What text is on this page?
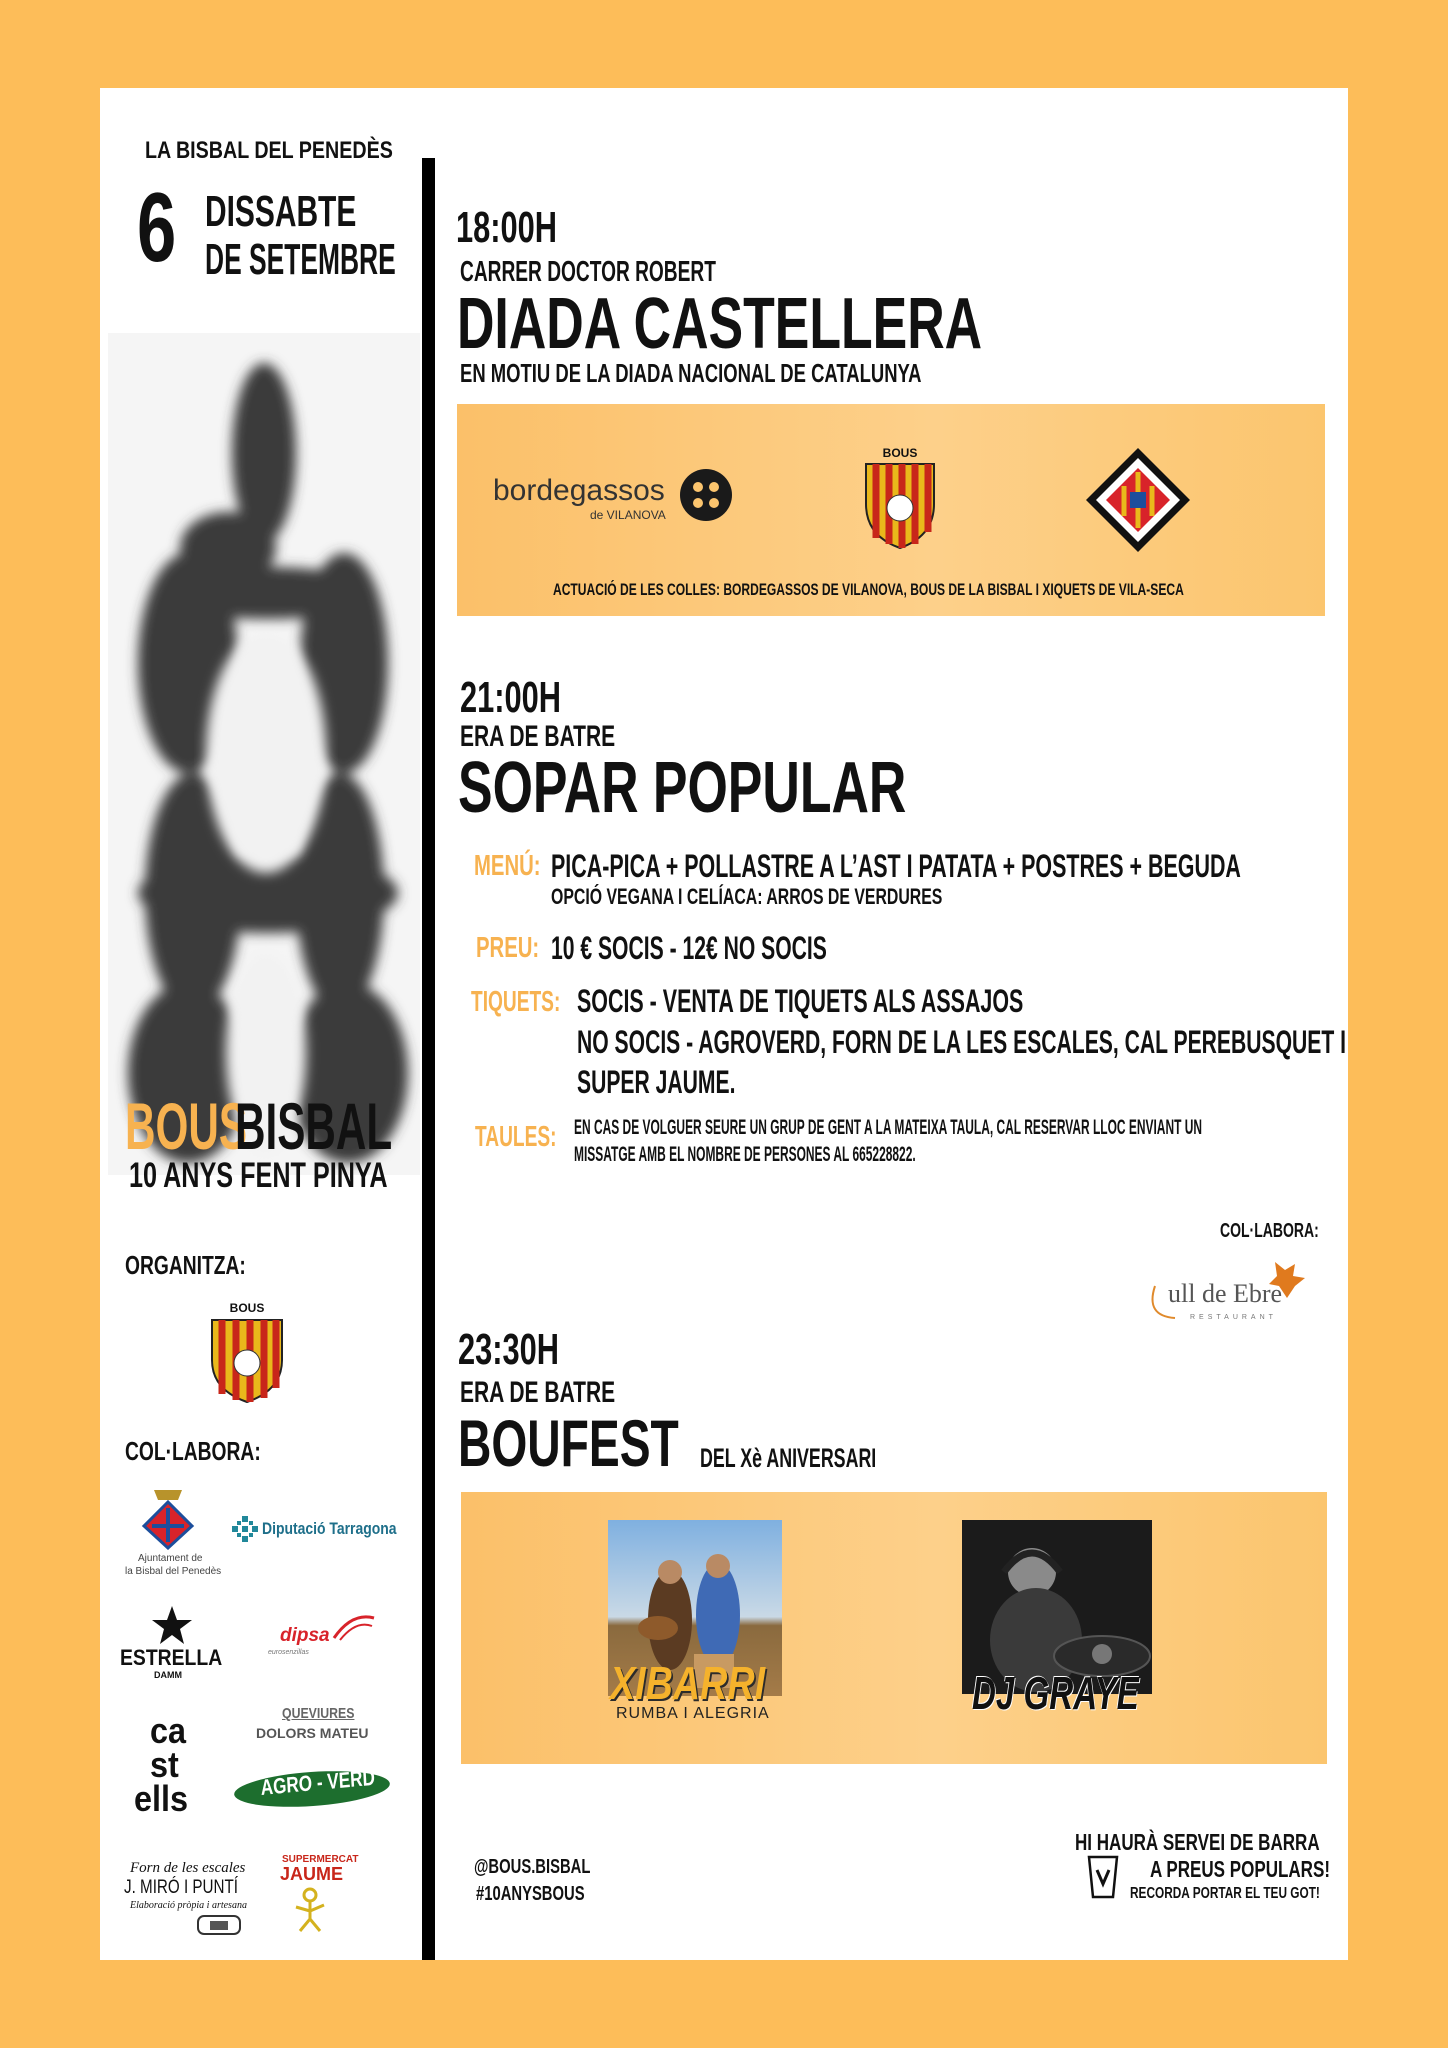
LA BISBAL DEL PENEDÈS
6 DISSABTE
DE SETEMBRE
BOUS
BISBAL
10 ANYS FENT PINYA
ORGANITZA:
BOUS
COL·LABORA:
Ajuntament de
la Bisbal del Penedès
Diputació Tarragona
ESTRELLA
DAMM
dipsa
eurosenzillas
ca
st
ells
QUEVIURES
DOLORS MATEU
AGRO - VERD
Forn de les escales
J. MIRÓ I PUNTÍ
Elaboració pròpia i artesana
SUPERMERCAT
JAUME
18:00H
CARRER DOCTOR ROBERT
DIADA CASTELLERA
EN MOTIU DE LA DIADA NACIONAL DE CATALUNYA
bordegassos
de VILANOVA
BOUS
ACTUACIÓ DE LES COLLES: BORDEGASSOS DE VILANOVA, BOUS DE LA BISBAL I XIQUETS DE VILA-SECA
21:00H
ERA DE BATRE
SOPAR POPULAR
MENÚ: PICA-PICA + POLLASTRE A L’AST I PATATA + POSTRES + BEGUDA
OPCIÓ VEGANA I CELÍACA: ARROS DE VERDURES
PREU: 10 € SOCIS - 12€ NO SOCIS
TIQUETS: SOCIS - VENTA DE TIQUETS ALS ASSAJOS
NO SOCIS - AGROVERD, FORN DE LA LES ESCALES, CAL PEREBUSQUET I
SUPER JAUME.
TAULES: EN CAS DE VOLGUER SEURE UN GRUP DE GENT A LA MATEIXA TAULA, CAL RESERVAR LLOC ENVIANT UN
MISSATGE AMB EL NOMBRE DE PERSONES AL 665228822.
COL·LABORA:
ull de Ebre
RESTAURANT
23:30H
ERA DE BATRE
BOUFEST DEL Xè ANIVERSARI
XIBARRI
RUMBA I ALEGRIA	DJ GRAYE
@BOUS.BISBAL
#10ANYSBOUS
HI HAURÀ SERVEI DE BARRA
A PREUS POPULARS!
RECORDA PORTAR EL TEU GOT!
